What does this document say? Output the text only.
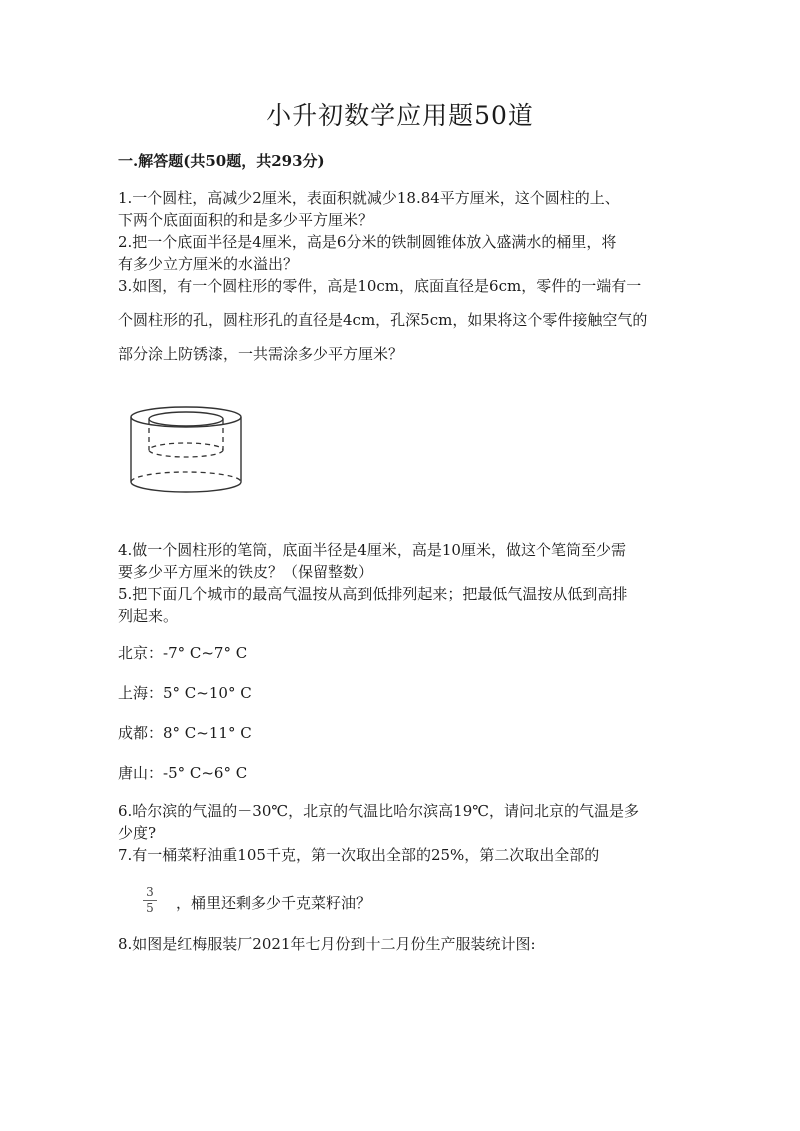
小升初数学应用题50道
一.解答题(共50题，共293分)
1.一个圆柱，高减少2厘米，表面积就减少18.84平方厘米，这个圆柱的上、
下两个底面面积的和是多少平方厘米？
2.把一个底面半径是4厘米，高是6分米的铁制圆锥体放入盛满水的桶里，将
有多少立方厘米的水溢出？
3.如图，有一个圆柱形的零件，高是10cm，底面直径是6cm，零件的一端有一
个圆柱形的孔，圆柱形孔的直径是4cm，孔深5cm，如果将这个零件接触空气的
部分涂上防锈漆，一共需涂多少平方厘米？
4.做一个圆柱形的笔筒，底面半径是4厘米，高是10厘米，做这个笔筒至少需
要多少平方厘米的铁皮？（保留整数）
5.把下面几个城市的最高气温按从高到低排列起来；把最低气温按从低到高排
列起来。
北京：-7° C~7° C
上海：5° C~10° C
成都：8° C~11° C
唐山：-5° C~6° C
6.哈尔滨的气温的－30℃，北京的气温比哈尔滨高19℃，请问北京的气温是多
少度?
7.有一桶菜籽油重105千克，第一次取出全部的25%，第二次取出全部的
3
5 ，桶里还剩多少千克菜籽油？
8.如图是红梅服装厂2021年七月份到十二月份生产服装统计图:
